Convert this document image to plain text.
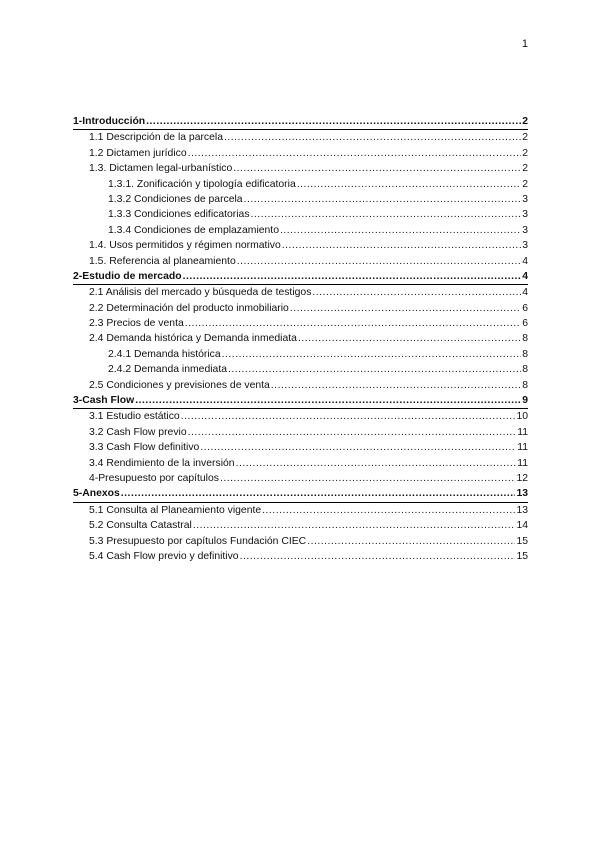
1
1-Introducción .....	2
1.1 Descripción de la parcela .....	2
1.2 Dictamen jurídico .....	2
1.3. Dictamen legal-urbanístico .....	2
1.3.1. Zonificación y tipología edificatoria .....	2
1.3.2 Condiciones de parcela .....	3
1.3.3 Condiciones edificatorias .....	3
1.3.4 Condiciones de emplazamiento .....	3
1.4. Usos permitidos y régimen normativo .....	3
1.5. Referencia al planeamiento .....	4
2-Estudio de mercado .....	4
2.1 Análisis del mercado y búsqueda de testigos .....	4
2.2 Determinación del producto inmobiliario .....	6
2.3 Precios de venta .....	6
2.4 Demanda histórica y Demanda inmediata .....	8
2.4.1 Demanda histórica .....	8
2.4.2 Demanda inmediata .....	8
2.5 Condiciones y previsiones de venta .....	8
3-Cash Flow .....	9
3.1 Estudio estático .....	10
3.2 Cash Flow previo .....	11
3.3 Cash Flow definitivo .....	11
3.4 Rendimiento de la inversión .....	11
4-Presupuesto por capítulos .....	12
5-Anexos .....	13
5.1 Consulta al Planeamiento vigente .....	13
5.2 Consulta Catastral .....	14
5.3 Presupuesto por capítulos Fundación CIEC .....	15
5.4 Cash Flow previo y definitivo .....	15
